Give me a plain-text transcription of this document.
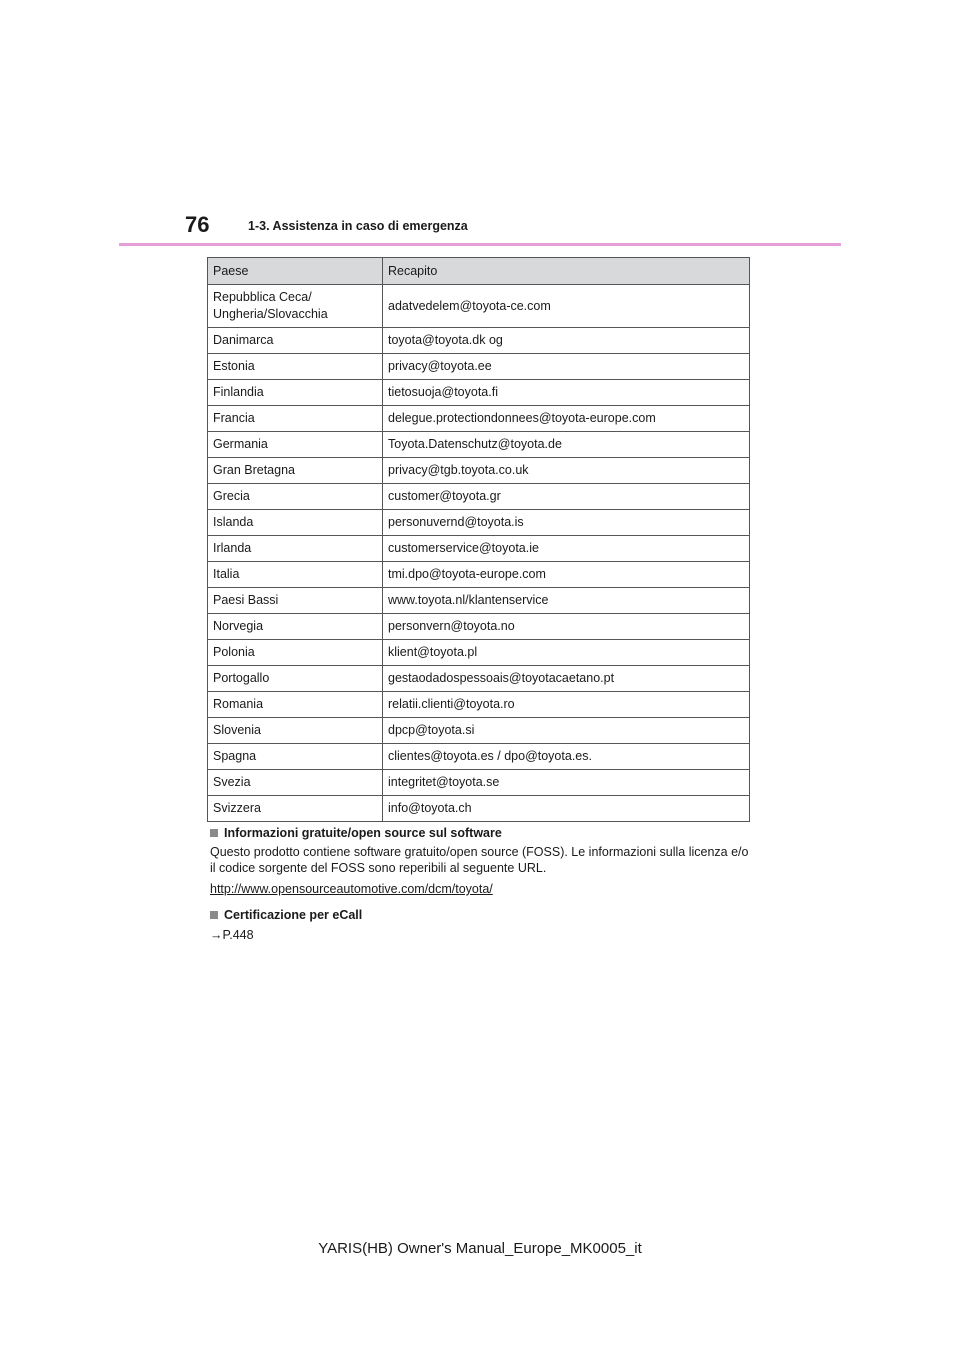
76	1-3. Assistenza in caso di emergenza
Paese	Recapito
Repubblica Ceca/
Ungheria/Slovacchia	adatvedelem@toyota-ce.com
Danimarca	toyota@toyota.dk og
Estonia	privacy@toyota.ee
Finlandia	tietosuoja@toyota.fi
Francia	delegue.protectiondonnees@toyota-europe.com
Germania	Toyota.Datenschutz@toyota.de
Gran Bretagna	privacy@tgb.toyota.co.uk
Grecia	customer@toyota.gr
Islanda	personuvernd@toyota.is
Irlanda	customerservice@toyota.ie
Italia	tmi.dpo@toyota-europe.com
Paesi Bassi	www.toyota.nl/klantenservice
Norvegia	personvern@toyota.no
Polonia	klient@toyota.pl
Portogallo	gestaodadospessoais@toyotacaetano.pt
Romania	relatii.clienti@toyota.ro
Slovenia	dpcp@toyota.si
Spagna	clientes@toyota.es / dpo@toyota.es.
Svezia	integritet@toyota.se
Svizzera	info@toyota.ch

Informazioni gratuite/open source sul software

Questo prodotto contiene software gratuito/open source (FOSS). Le informazioni sulla licenza e/o il codice sorgente del FOSS sono reperibili al seguente URL.

http://www.opensourceautomotive.com/dcm/toyota/

Certificazione per eCall

→P.448

YARIS(HB) Owner's Manual_Europe_MK0005_it
